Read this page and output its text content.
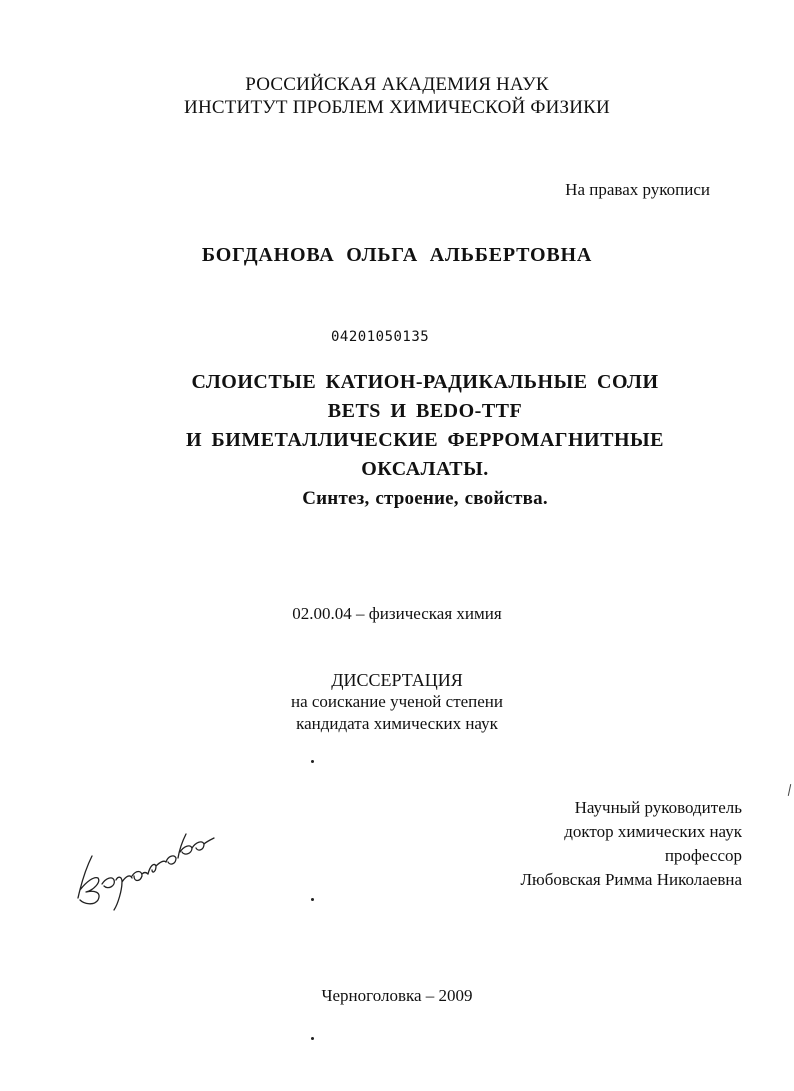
РОССИЙСКАЯ АКАДЕМИЯ НАУК
ИНСТИТУТ ПРОБЛЕМ ХИМИЧЕСКОЙ ФИЗИКИ
На правах рукописи
БОГДАНОВА ОЛЬГА АЛЬБЕРТОВНА
04201050135
СЛОИСТЫЕ КАТИОН-РАДИКАЛЬНЫЕ СОЛИ
BETS И BEDO-TTF
И БИМЕТАЛЛИЧЕСКИЕ ФЕРРОМАГНИТНЫЕ
ОКСАЛАТЫ.
Синтез, строение, свойства.
02.00.04 – физическая химия
ДИССЕРТАЦИЯ
на соискание ученой степени
кандидата химических наук
Научный руководитель
доктор химических наук
профессор
Любовская Римма Николаевна
Черноголовка – 2009
